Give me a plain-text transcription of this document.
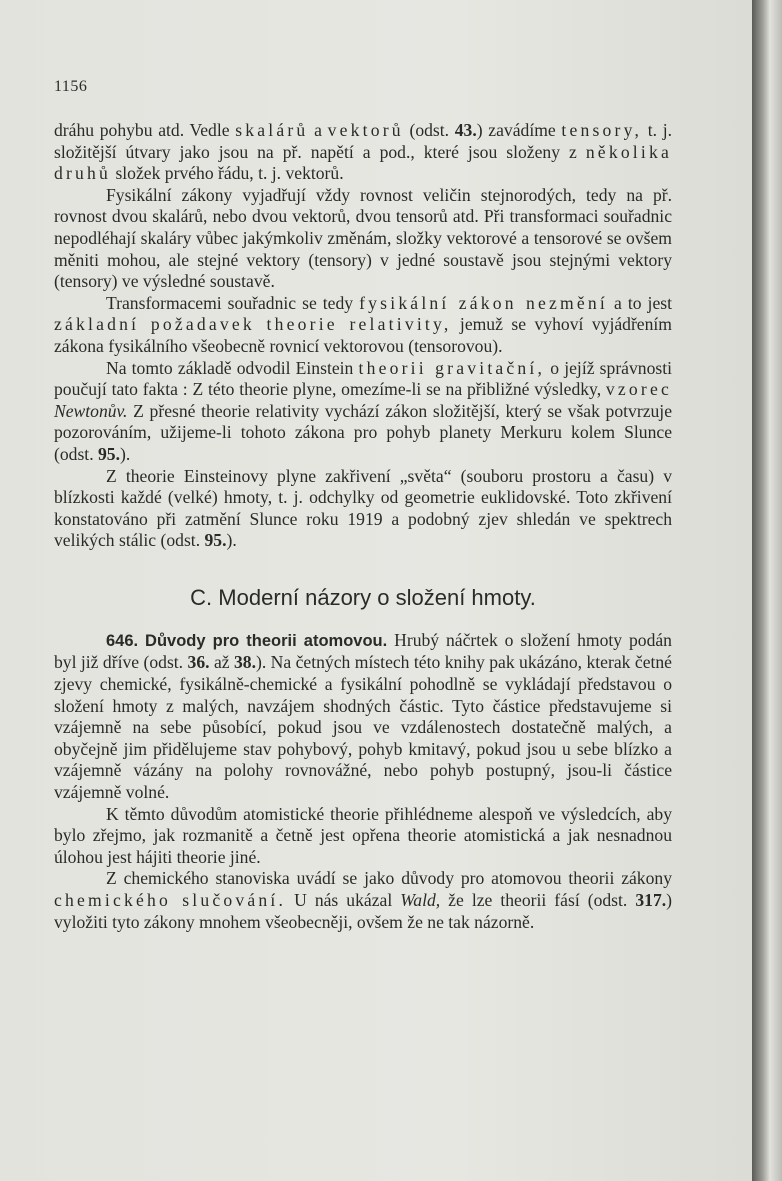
1156

dráhu pohybu atd. Vedle skalárů a vektorů (odst. 43.) zavádíme tensory, t. j. složitější útvary jako jsou na př. napětí a pod., které jsou složeny z několika druhů složek prvého řádu, t. j. vektorů.

Fysikální zákony vyjadřují vždy rovnost veličin stejnorodých, tedy na př. rovnost dvou skalárů, nebo dvou vektorů, dvou tensorů atd. Při transformaci souřadnic nepodléhají skaláry vůbec jakýmkoliv změnám, složky vektorové a tensorové se ovšem měniti mohou, ale stejné vektory (tensory) v jedné soustavě jsou stejnými vektory (tensory) ve výsledné soustavě.

Transformacemi souřadnic se tedy fysikální zákon nezmění a to jest základní požadavek theorie relativity, jemuž se vyhoví vyjádřením zákona fysikálního všeobecně rovnicí vektorovou (tensorovou).

Na tomto základě odvodil Einstein theorii gravitační, o jejíž správnosti poučují tato fakta : Z této theorie plyne, omezíme-li se na přibližné výsledky, vzorec Newtonův. Z přesné theorie relativity vychází zákon složitější, který se však potvrzuje pozorováním, užijeme-li tohoto zákona pro pohyb planety Merkuru kolem Slunce (odst. 95.).

Z theorie Einsteinovy plyne zakřivení „světa“ (souboru prostoru a času) v blízkosti každé (velké) hmoty, t. j. odchylky od geometrie euklidovské. Toto zkřivení konstatováno při zatmění Slunce roku 1919 a podobný zjev shledán ve spektrech velikých stálic (odst. 95.).

C. Moderní názory o složení hmoty.

646. Důvody pro theorii atomovou. Hrubý náčrtek o složení hmoty podán byl již dříve (odst. 36. až 38.). Na četných místech této knihy pak ukázáno, kterak četné zjevy chemické, fysikálně-chemické a fysikální pohodlně se vykládají představou o složení hmoty z malých, navzájem shodných částic. Tyto částice představujeme si vzájemně na sebe působící, pokud jsou ve vzdálenostech dostatečně malých, a obyčejně jim přidělujeme stav pohybový, pohyb kmitavý, pokud jsou u sebe blízko a vzájemně vázány na polohy rovnovážné, nebo pohyb postupný, jsou-li částice vzájemně volné.

K těmto důvodům atomistické theorie přihlédneme alespoň ve výsledcích, aby bylo zřejmo, jak rozmanitě a četně jest opřena theorie atomistická a jak nesnadnou úlohou jest hájiti theorie jiné.

Z chemického stanoviska uvádí se jako důvody pro atomovou theorii zákony chemického slučování. U nás ukázal Wald, že lze theorii fásí (odst. 317.) vyložiti tyto zákony mnohem všeobecněji, ovšem že ne tak názorně.
